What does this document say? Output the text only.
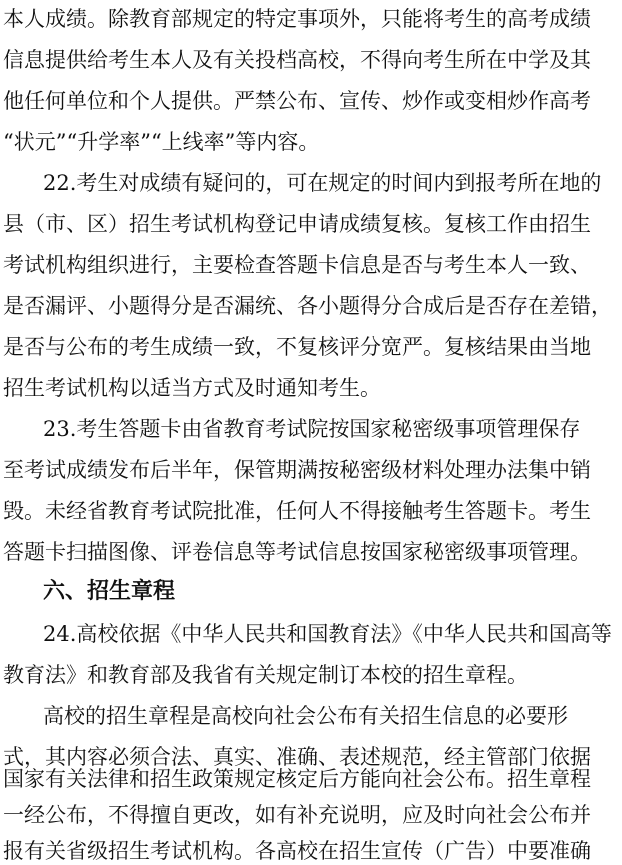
本人成绩。除教育部规定的特定事项外，只能将考生的高考成绩
信息提供给考生本人及有关投档高校，不得向考生所在中学及其
他任何单位和个人提供。严禁公布、宣传、炒作或变相炒作高考
“状元”“升学率”“上线率”等内容。
22.考生对成绩有疑问的，可在规定的时间内到报考所在地的
县（市、区）招生考试机构登记申请成绩复核。复核工作由招生
考试机构组织进行，主要检查答题卡信息是否与考生本人一致、
是否漏评、小题得分是否漏统、各小题得分合成后是否存在差错，
是否与公布的考生成绩一致，不复核评分宽严。复核结果由当地
招生考试机构以适当方式及时通知考生。
23.考生答题卡由省教育考试院按国家秘密级事项管理保存
至考试成绩发布后半年，保管期满按秘密级材料处理办法集中销
毁。未经省教育考试院批准，任何人不得接触考生答题卡。考生
答题卡扫描图像、评卷信息等考试信息按国家秘密级事项管理。
六、招生章程
24.高校依据《中华人民共和国教育法》《中华人民共和国高等
教育法》和教育部及我省有关规定制订本校的招生章程。
高校的招生章程是高校向社会公布有关招生信息的必要形
式，其内容必须合法、真实、准确、表述规范，经主管部门依据
国家有关法律和招生政策规定核定后方能向社会公布。招生章程
一经公布，不得擅自更改，如有补充说明，应及时向社会公布并
报有关省级招生考试机构。各高校在招生宣传（广告）中要准确
